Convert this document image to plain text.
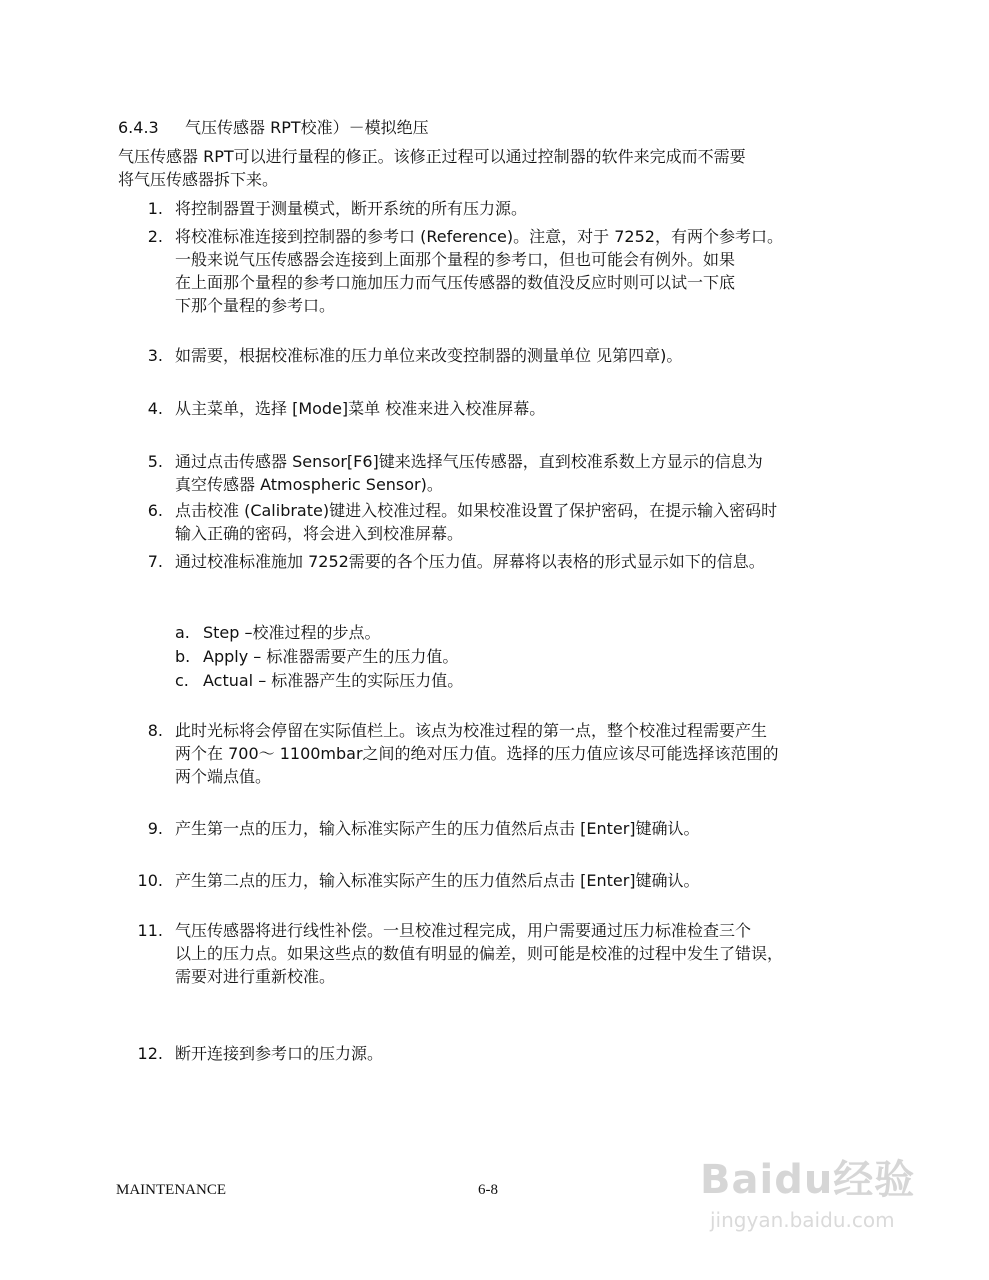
6.4.3 气压传感器 RPT校准）－模拟绝压
气压传感器 RPT可以进行量程的修正。该修正过程可以通过控制器的软件来完成而不需要
将气压传感器拆下来。
1. 将控制器置于测量模式，断开系统的所有压力源。
2. 将校准标准连接到控制器的参考口 (Reference)。注意，对于 7252，有两个参考口。
一般来说气压传感器会连接到上面那个量程的参考口，但也可能会有例外。如果
在上面那个量程的参考口施加压力而气压传感器的数值没反应时则可以试一下底
下那个量程的参考口。
3. 如需要，根据校准标准的压力单位来改变控制器的测量单位 见第四章)。
4. 从主菜单，选择 [Mode]菜单 校准来进入校准屏幕。
5. 通过点击传感器 Sensor[F6]键来选择气压传感器，直到校准系数上方显示的信息为
真空传感器 Atmospheric Sensor)。
6. 点击校准 (Calibrate)键进入校准过程。如果校准设置了保护密码，在提示输入密码时
输入正确的密码，将会进入到校准屏幕。
7. 通过校准标准施加 7252需要的各个压力值。屏幕将以表格的形式显示如下的信息。
a. Step –校准过程的步点。
b. Apply – 标准器需要产生的压力值。
c. Actual – 标准器产生的实际压力值。
8. 此时光标将会停留在实际值栏上。该点为校准过程的第一点，整个校准过程需要产生
两个在 700～ 1100mbar之间的绝对压力值。选择的压力值应该尽可能选择该范围的
两个端点值。
9. 产生第一点的压力，输入标准实际产生的压力值然后点击 [Enter]键确认。
10. 产生第二点的压力，输入标准实际产生的压力值然后点击 [Enter]键确认。
11. 气压传感器将进行线性补偿。一旦校准过程完成，用户需要通过压力标准检查三个
以上的压力点。如果这些点的数值有明显的偏差，则可能是校准的过程中发生了错误，
需要对进行重新校准。
12. 断开连接到参考口的压力源。
MAINTENANCE	6-8	Baidu经验
jingyan.baidu.com
